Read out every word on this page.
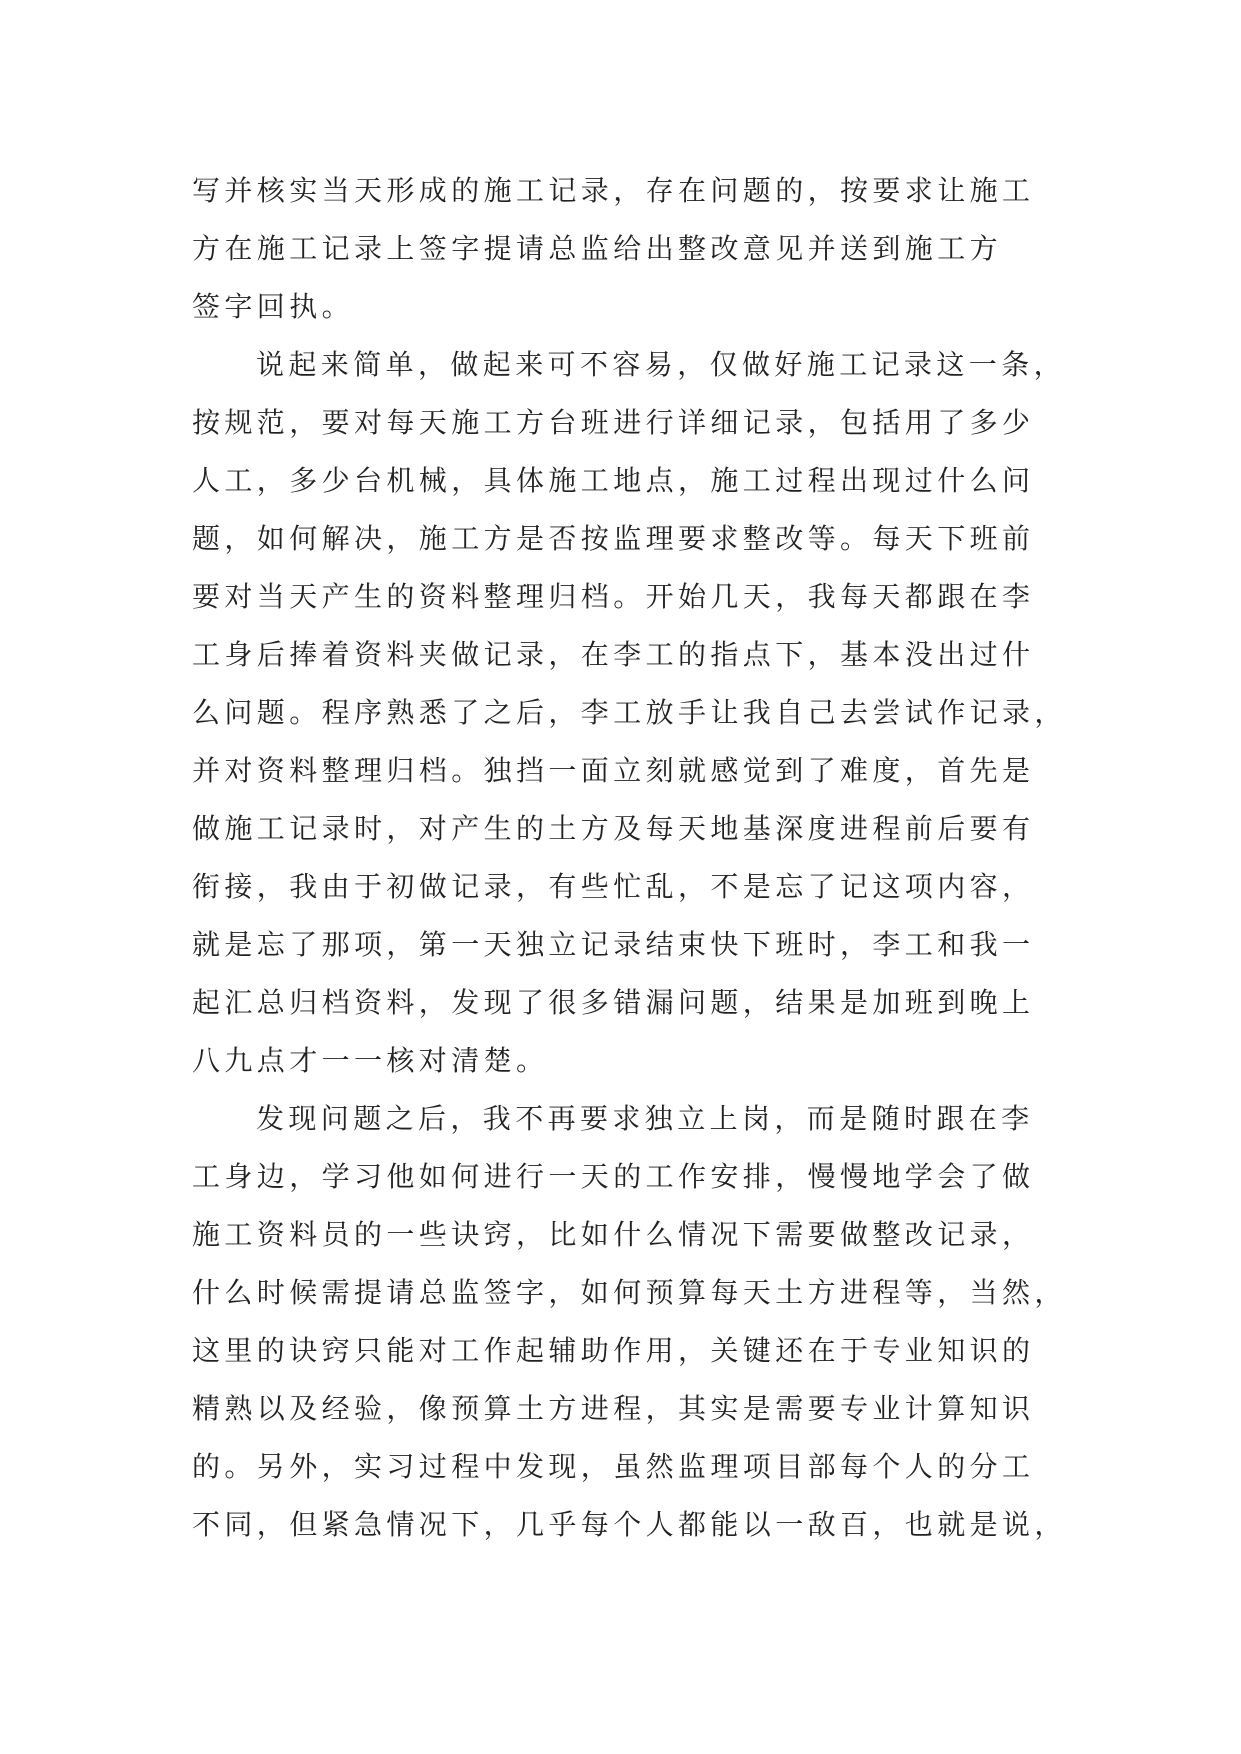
写并核实当天形成的施工记录，存在问题的，按要求让施工
方在施工记录上签字提请总监给出整改意见并送到施工方
签字回执。
说起来简单，做起来可不容易，仅做好施工记录这一条，
按规范，要对每天施工方台班进行详细记录，包括用了多少
人工，多少台机械，具体施工地点，施工过程出现过什么问
题，如何解决，施工方是否按监理要求整改等。每天下班前
要对当天产生的资料整理归档。开始几天，我每天都跟在李
工身后捧着资料夹做记录，在李工的指点下，基本没出过什
么问题。程序熟悉了之后，李工放手让我自己去尝试作记录，
并对资料整理归档。独挡一面立刻就感觉到了难度，首先是
做施工记录时，对产生的土方及每天地基深度进程前后要有
衔接，我由于初做记录，有些忙乱，不是忘了记这项内容，
就是忘了那项，第一天独立记录结束快下班时，李工和我一
起汇总归档资料，发现了很多错漏问题，结果是加班到晚上
八九点才一一核对清楚。
发现问题之后，我不再要求独立上岗，而是随时跟在李
工身边，学习他如何进行一天的工作安排，慢慢地学会了做
施工资料员的一些诀窍，比如什么情况下需要做整改记录，
什么时候需提请总监签字，如何预算每天土方进程等，当然，
这里的诀窍只能对工作起辅助作用，关键还在于专业知识的
精熟以及经验，像预算土方进程，其实是需要专业计算知识
的。另外，实习过程中发现，虽然监理项目部每个人的分工
不同，但紧急情况下，几乎每个人都能以一敌百，也就是说，
